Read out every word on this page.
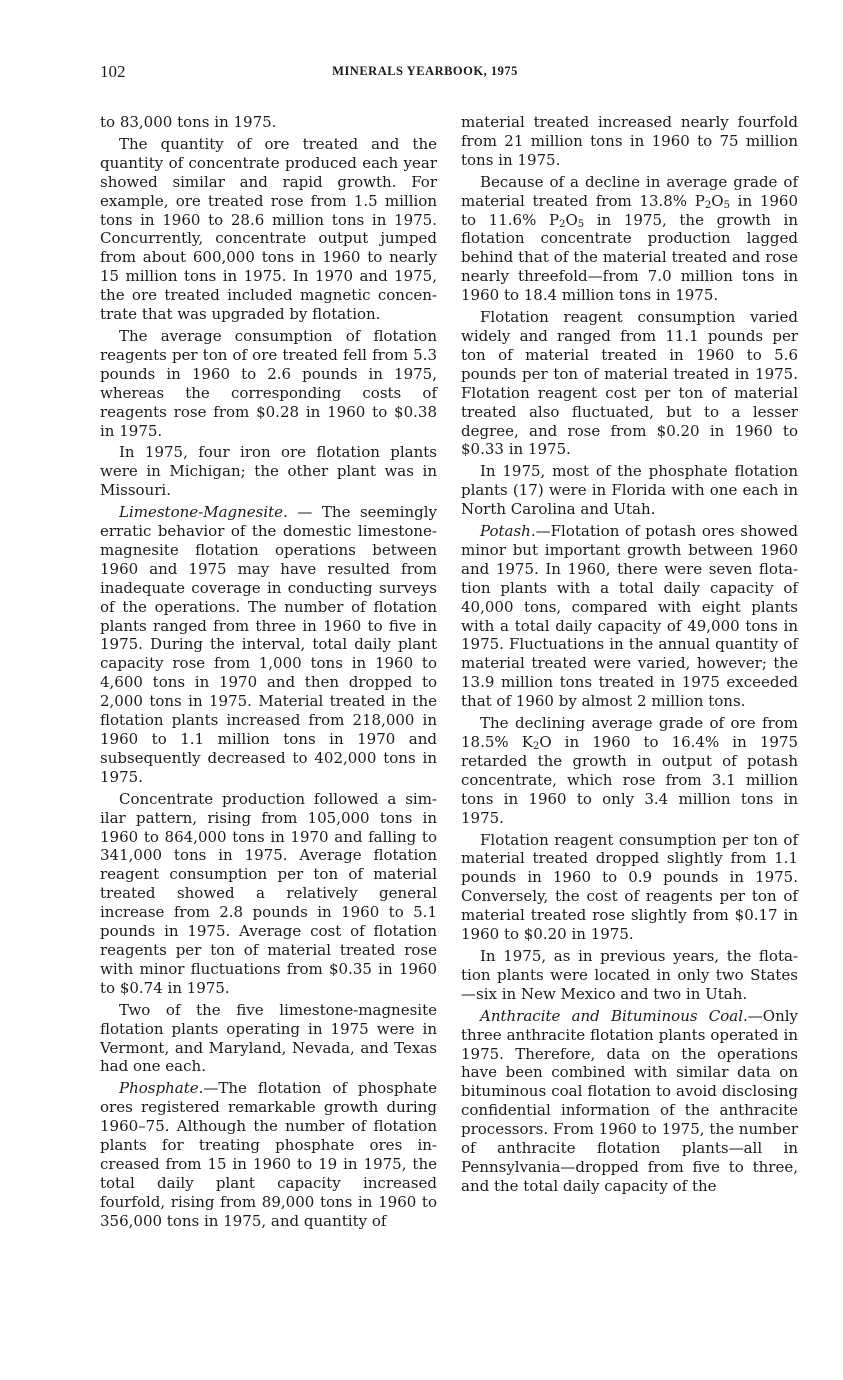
102	MINERALS YEARBOOK, 1975

to 83,000 tons in 1975.

The quantity of ore treated and the quantity of concentrate produced each year showed similar and rapid growth. For example, ore treated rose from 1.5 million tons in 1960 to 28.6 million tons in 1975. Concurrently, concentrate output jumped from about 600,000 tons in 1960 to nearly 15 million tons in 1975. In 1970 and 1975, the ore treated included magnetic concentrate that was upgraded by flotation.

The average consumption of flotation reagents per ton of ore treated fell from 5.3 pounds in 1960 to 2.6 pounds in 1975, whereas the corresponding costs of reagents rose from $0.28 in 1960 to $0.38 in 1975.

In 1975, four iron ore flotation plants were in Michigan; the other plant was in Missouri.

Limestone-Magnesite. — The seemingly erratic behavior of the domestic limestone-magnesite flotation operations between 1960 and 1975 may have resulted from inadequate coverage in conducting surveys of the operations. The number of flotation plants ranged from three in 1960 to five in 1975. During the interval, total daily plant capacity rose from 1,000 tons in 1960 to 4,600 tons in 1970 and then dropped to 2,000 tons in 1975. Material treated in the flotation plants increased from 218,000 in 1960 to 1.1 million tons in 1970 and subsequently decreased to 402,000 tons in 1975.

Concentrate production followed a similar pattern, rising from 105,000 tons in 1960 to 864,000 tons in 1970 and falling to 341,000 tons in 1975. Average flotation reagent consumption per ton of material treated showed a relatively general increase from 2.8 pounds in 1960 to 5.1 pounds in 1975. Average cost of flotation reagents per ton of material treated rose with minor fluctuations from $0.35 in 1960 to $0.74 in 1975.

Two of the five limestone-magnesite flotation plants operating in 1975 were in Vermont, and Maryland, Nevada, and Texas had one each.

Phosphate.—The flotation of phosphate ores registered remarkable growth during 1960–75. Although the number of flotation plants for treating phosphate ores increased from 15 in 1960 to 19 in 1975, the total daily plant capacity increased fourfold, rising from 89,000 tons in 1960 to 356,000 tons in 1975, and quantity of

material treated increased nearly fourfold from 21 million tons in 1960 to 75 million tons in 1975.

Because of a decline in average grade of material treated from 13.8% $P_2O_5$ in 1960 to 11.6% $P_2O_5$ in 1975, the growth in flotation concentrate production lagged behind that of the material treated and rose nearly threefold—from 7.0 million tons in 1960 to 18.4 million tons in 1975.

Flotation reagent consumption varied widely and ranged from 11.1 pounds per ton of material treated in 1960 to 5.6 pounds per ton of material treated in 1975. Flotation reagent cost per ton of material treated also fluctuated, but to a lesser degree, and rose from $0.20 in 1960 to $0.33 in 1975.

In 1975, most of the phosphate flotation plants (17) were in Florida with one each in North Carolina and Utah.

Potash.—Flotation of potash ores showed minor but important growth between 1960 and 1975. In 1960, there were seven flotation plants with a total daily capacity of 40,000 tons, compared with eight plants with a total daily capacity of 49,000 tons in 1975. Fluctuations in the annual quantity of material treated were varied, however; the 13.9 million tons treated in 1975 exceeded that of 1960 by almost 2 million tons.

The declining average grade of ore from 18.5% $K_2O$ in 1960 to 16.4% in 1975 retarded the growth in output of potash concentrate, which rose from 3.1 million tons in 1960 to only 3.4 million tons in 1975.

Flotation reagent consumption per ton of material treated dropped slightly from 1.1 pounds in 1960 to 0.9 pounds in 1975. Conversely, the cost of reagents per ton of material treated rose slightly from $0.17 in 1960 to $0.20 in 1975.

In 1975, as in previous years, the flotation plants were located in only two States—six in New Mexico and two in Utah.

Anthracite and Bituminous Coal.—Only three anthracite flotation plants operated in 1975. Therefore, data on the operations have been combined with similar data on bituminous coal flotation to avoid disclosing confidential information of the anthracite processors. From 1960 to 1975, the number of anthracite flotation plants—all in Pennsylvania—dropped from five to three, and the total daily capacity of the
